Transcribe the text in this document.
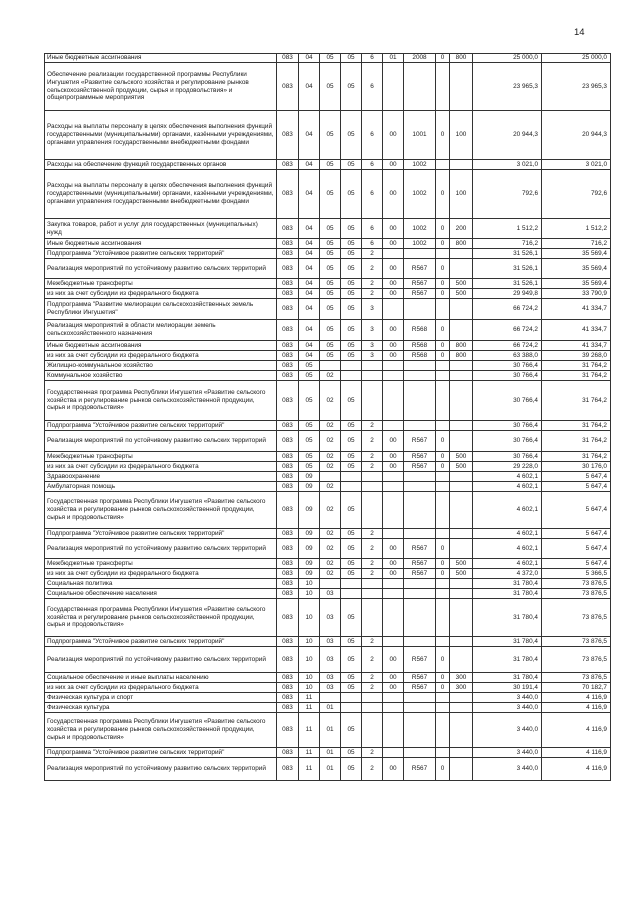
14
Иные бюджетные ассигнования	083	04	05	05	6	01	2008	0	800	25 000,0	25 000,0
Обеспечение реализации государственной программы Республики Ингушетия «Развитие сельского хозяйства и регулирование рынков сельскохозяйственной продукции, сырья и продовольствия» и общепрограммные мероприятия	083	04	05	05	6					23 965,3	23 965,3
Расходы на выплаты персоналу в целях обеспечения выполнения функций государственными (муниципальными) органами, казёнными учреждениями, органами управления государственными внебюджетными фондами	083	04	05	05	6	00	1001	0	100	20 944,3	20 944,3
Расходы на обеспечение функций государственных органов	083	04	05	05	6	00	1002			3 021,0	3 021,0
Расходы на выплаты персоналу в целях обеспечения выполнения функций государственными (муниципальными) органами, казёнными учреждениями, органами управления государственными внебюджетными фондами	083	04	05	05	6	00	1002	0	100	792,6	792,6
Закупка товаров, работ и услуг для государственных (муниципальных) нужд	083	04	05	05	6	00	1002	0	200	1 512,2	1 512,2
Иные бюджетные ассигнования	083	04	05	05	6	00	1002	0	800	716,2	716,2
Подпрограмма "Устойчивое развитие сельских территорий"	083	04	05	05	2					31 526,1	35 569,4
Реализация мероприятий по устойчивому развитию сельских территорий	083	04	05	05	2	00	R567	0		31 526,1	35 569,4
Межбюджетные трансферты	083	04	05	05	2	00	R567	0	500	31 526,1	35 569,4
из них за счет субсидии из федерального бюджета	083	04	05	05	2	00	R567	0	500	29 949,8	33 790,9
Подпрограмма "Развитие мелиорации сельскохозяйственных земель Республики Ингушетия"	083	04	05	05	3					66 724,2	41 334,7
Реализация мероприятий в области мелиорации земель сельскохозяйственного назначения	083	04	05	05	3	00	R568	0		66 724,2	41 334,7
Иные бюджетные ассигнования	083	04	05	05	3	00	R568	0	800	66 724,2	41 334,7
из них за счет субсидии из федерального бюджета	083	04	05	05	3	00	R568	0	800	63 388,0	39 268,0
Жилищно-коммунальное хозяйство	083	05								30 766,4	31 764,2
Коммунальное хозяйство	083	05	02							30 766,4	31 764,2
Государственная программа Республики Ингушетия «Развитие сельского хозяйства и регулирование рынков сельскохозяйственной продукции, сырья и продовольствия»	083	05	02	05						30 766,4	31 764,2
Подпрограмма "Устойчивое развитие сельских территорий"	083	05	02	05	2					30 766,4	31 764,2
Реализация мероприятий по устойчивому развитию сельских территорий	083	05	02	05	2	00	R567	0		30 766,4	31 764,2
Межбюджетные трансферты	083	05	02	05	2	00	R567	0	500	30 766,4	31 764,2
из них за счет субсидии из федерального бюджета	083	05	02	05	2	00	R567	0	500	29 228,0	30 176,0
Здравоохранение	083	09								4 602,1	5 647,4
Амбулаторная помощь	083	09	02							4 602,1	5 647,4
Государственная программа Республики Ингушетия «Развитие сельского хозяйства и регулирование рынков сельскохозяйственной продукции, сырья и продовольствия»	083	09	02	05						4 602,1	5 647,4
Подпрограмма "Устойчивое развитие сельских территорий"	083	09	02	05	2					4 602,1	5 647,4
Реализация мероприятий по устойчивому развитию сельских территорий	083	09	02	05	2	00	R567	0		4 602,1	5 647,4
Межбюджетные трансферты	083	09	02	05	2	00	R567	0	500	4 602,1	5 647,4
из них за счет субсидии из федерального бюджета	083	09	02	05	2	00	R567	0	500	4 372,0	5 366,5
Социальная политика	083	10								31 780,4	73 876,5
Социальное обеспечение населения	083	10	03							31 780,4	73 876,5
Государственная программа Республики Ингушетия «Развитие сельского хозяйства и регулирование рынков сельскохозяйственной продукции, сырья и продовольствия»	083	10	03	05						31 780,4	73 876,5
Подпрограмма "Устойчивое развитие сельских территорий"	083	10	03	05	2					31 780,4	73 876,5
Реализация мероприятий по устойчивому развитию сельских территорий	083	10	03	05	2	00	R567	0		31 780,4	73 876,5
Социальное обеспечение и иные выплаты населению	083	10	03	05	2	00	R567	0	300	31 780,4	73 876,5
из них за счет субсидии из федерального бюджета	083	10	03	05	2	00	R567	0	300	30 191,4	70 182,7
Физическая культура и спорт	083	11								3 440,0	4 116,9
Физическая культура	083	11	01							3 440,0	4 116,9
Государственная программа Республики Ингушетия «Развитие сельского хозяйства и регулирование рынков сельскохозяйственной продукции, сырья и продовольствия»	083	11	01	05						3 440,0	4 116,9
Подпрограмма "Устойчивое развитие сельских территорий"	083	11	01	05	2					3 440,0	4 116,9
Реализация мероприятий по устойчивому развитию сельских территорий	083	11	01	05	2	00	R567	0		3 440,0	4 116,9
